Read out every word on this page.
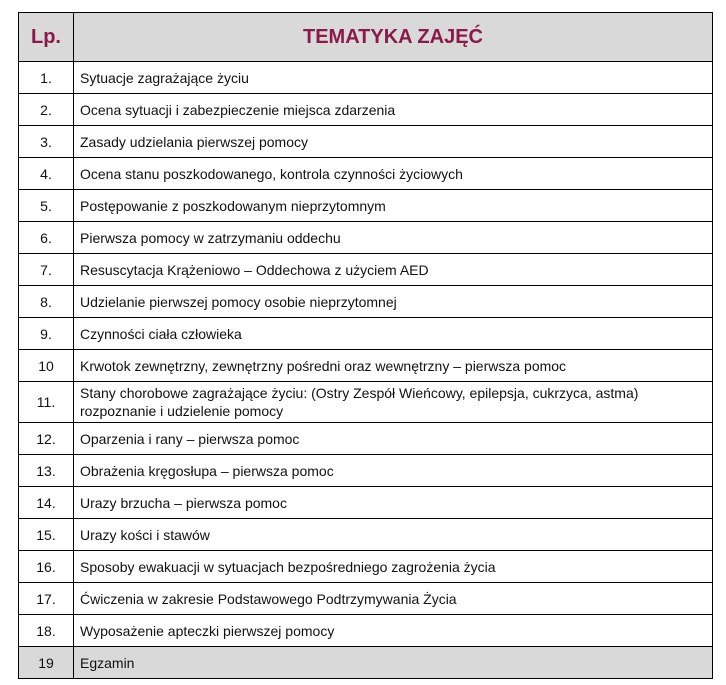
Lp.	TEMATYKA ZAJĘĆ
1.	Sytuacje zagrażające życiu
2.	Ocena sytuacji i zabezpieczenie miejsca zdarzenia
3.	Zasady udzielania pierwszej pomocy
4.	Ocena stanu poszkodowanego, kontrola czynności życiowych
5.	Postępowanie z poszkodowanym nieprzytomnym
6.	Pierwsza pomocy w zatrzymaniu oddechu
7.	Resuscytacja Krążeniowo – Oddechowa z użyciem AED
8.	Udzielanie pierwszej pomocy osobie nieprzytomnej
9.	Czynności ciała człowieka
10	Krwotok zewnętrzny, zewnętrzny pośredni oraz wewnętrzny – pierwsza pomoc
11.	Stany chorobowe zagrażające życiu: (Ostry Zespół Wieńcowy, epilepsja, cukrzyca, astma)
rozpoznanie i udzielenie pomocy

12.	Oparzenia i rany – pierwsza pomoc
13.	Obrażenia kręgosłupa – pierwsza pomoc
14.	Urazy brzucha – pierwsza pomoc
15.	Urazy kości i stawów
16.	Sposoby ewakuacji w sytuacjach bezpośredniego zagrożenia życia
17.	Ćwiczenia w zakresie Podstawowego Podtrzymywania Życia
18.	Wyposażenie apteczki pierwszej pomocy
19	Egzamin
